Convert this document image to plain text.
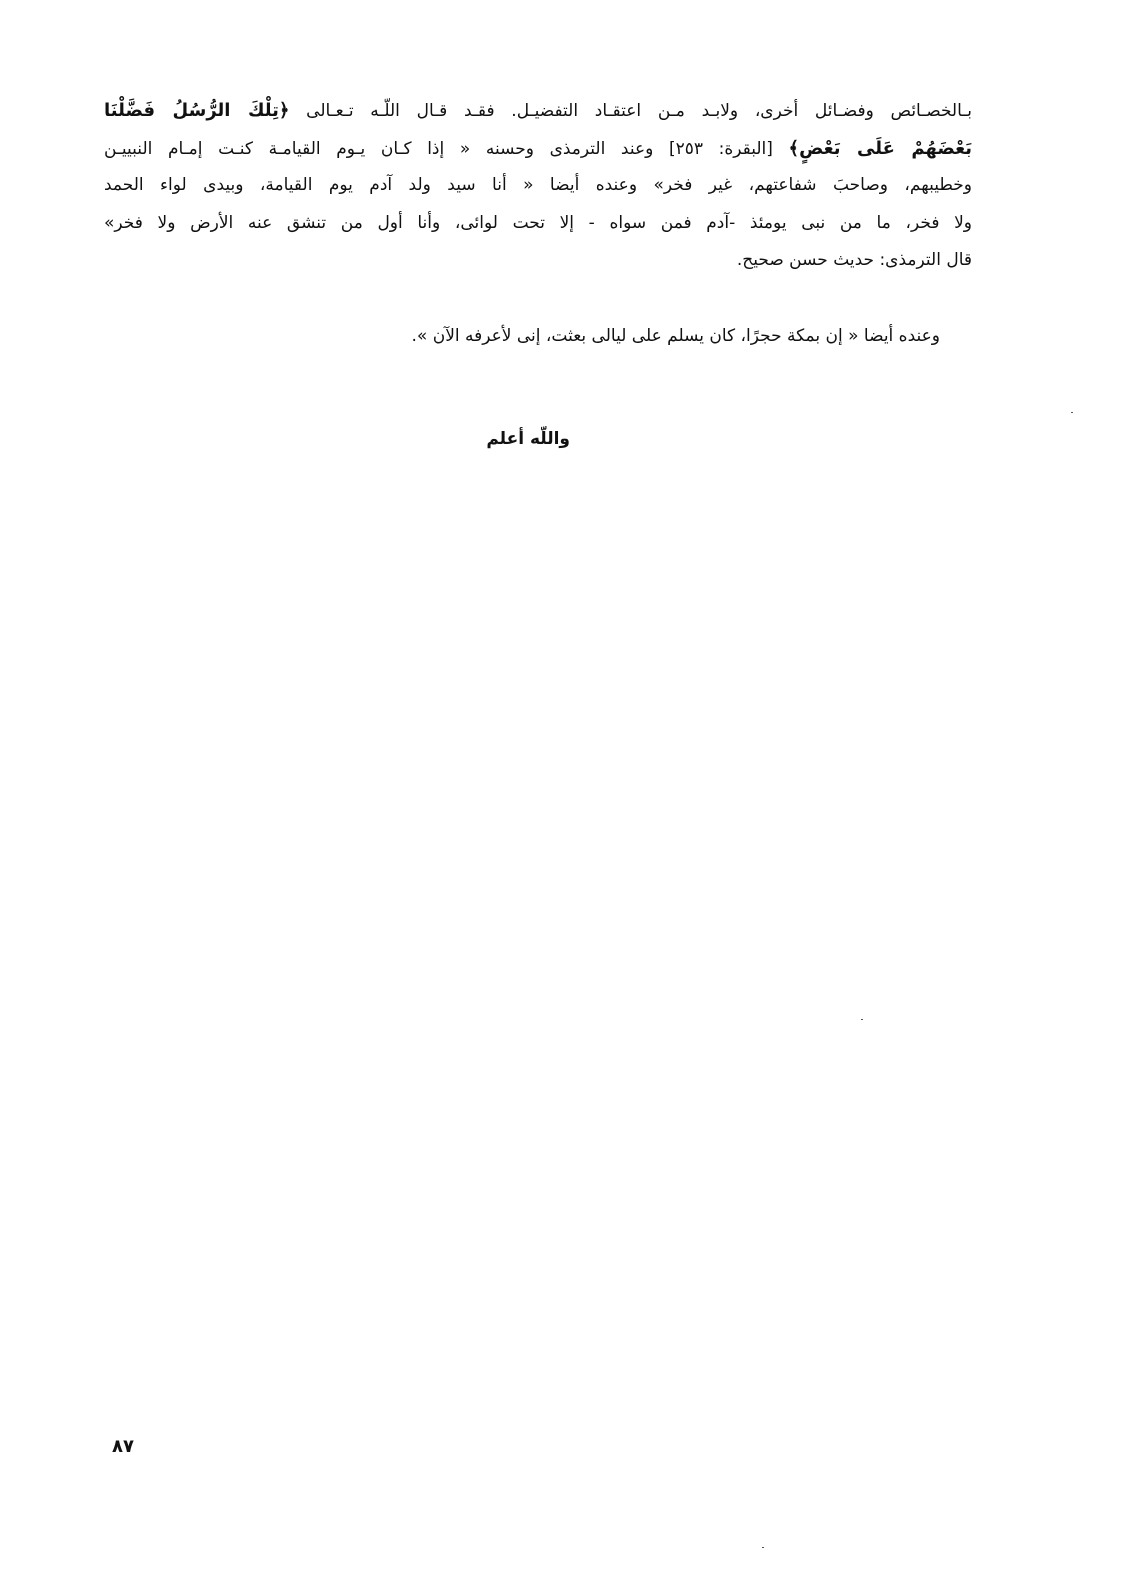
بـالخصـائص وفضـائل أخرى، ولابـد مـن اعتقـاد التفضيـل. فقـد قـال اللّـه تـعـالى ﴿تِلْكَ الرُّسُلُ فَضَّلْنَا
بَعْضَهُمْ عَلَى بَعْضٍ﴾ [البقرة: ٢٥٣] وعند الترمذى وحسنه « إذا كـان يـوم القيامـة كنـت إمـام النبييـن
وخطيبهم، وصاحبَ شفاعتهم، غير فخر» وعنده أيضا « أنا سيد ولد آدم يوم القيامة، وبيدى لواء الحمد
ولا فخر، ما من نبى يومئذ -آدم فمن سواه - إلا تحت لوائى، وأنا أول من تنشق عنه الأرض ولا فخر»
قال الترمذى: حديث حسن صحيح.

وعنده أيضا « إن بمكة حجرًا، كان يسلم على ليالى بعثت، إنى لأعرفه الآن ».

واللّه أعلم

٨٧
